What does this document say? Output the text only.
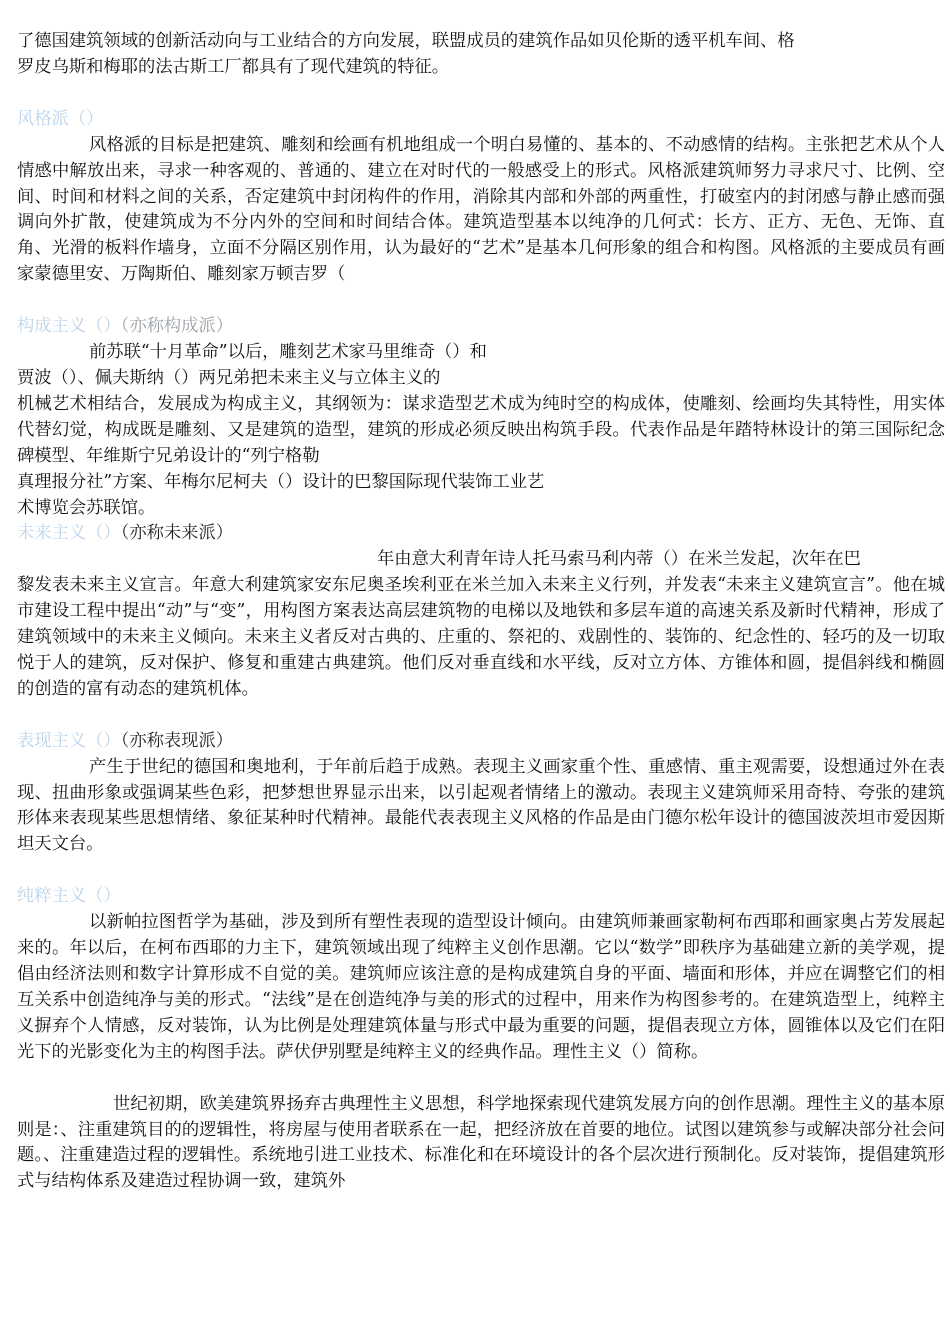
了德国建筑领域的创新活动向与工业结合的方向发展，联盟成员的建筑作品如贝伦斯的透平机车间、格
罗皮乌斯和梅耶的法古斯工厂都具有了现代建筑的特征。

风格派（）

风格派的目标是把建筑、雕刻和绘画有机地组成一个明白易懂的、基本的、不动感情的结构。主张把艺术从个人情感中解放出来，寻求一种客观的、普通的、建立在对时代的一般感受上的形式。风格派建筑师努力寻求尺寸、比例、空间、时间和材料之间的关系，否定建筑中封闭构件的作用，消除其内部和外部的两重性，打破室内的封闭感与静止感而强调向外扩散，使建筑成为不分内外的空间和时间结合体。建筑造型基本以纯净的几何式：长方、正方、无色、无饰、直角、光滑的板料作墙身，立面不分隔区别作用，认为最好的“艺术”是基本几何形象的组合和构图。风格派的主要成员有画家蒙德里安、万陶斯伯、雕刻家万顿吉罗（

构成主义（）（亦称构成派）

前苏联“十月革命”以后，雕刻艺术家马里维奇（）和
贾波（）、佩夫斯纳（）两兄弟把未来主义与立体主义的
机械艺术相结合，发展成为构成主义，其纲领为：谋求造型艺术成为纯时空的构成体，使雕刻、绘画均失其特性，用实体代替幻觉，构成既是雕刻、又是建筑的造型，建筑的形成必须反映出构筑手段。代表作品是年踏特林设计的第三国际纪念碑模型、年维斯宁兄弟设计的“列宁格勒
真理报分社”方案、年梅尔尼柯夫（）设计的巴黎国际现代装饰工业艺
术博览会苏联馆。

未来主义（）（亦称未来派）

年由意大利青年诗人托马索马利内蒂（）在米兰发起，次年在巴
黎发表未来主义宣言。年意大利建筑家安东尼奥圣埃利亚在米兰加入未来主义行列，并发表“未来主义建筑宣言”。他在城市建设工程中提出“动”与“变”，用构图方案表达高层建筑物的电梯以及地铁和多层车道的高速关系及新时代精神，形成了建筑领域中的未来主义倾向。未来主义者反对古典的、庄重的、祭祀的、戏剧性的、装饰的、纪念性的、轻巧的及一切取悦于人的建筑，反对保护、修复和重建古典建筑。他们反对垂直线和水平线，反对立方体、方锥体和圆，提倡斜线和椭圆的创造的富有动态的建筑机体。

表现主义（）（亦称表现派）

产生于世纪的德国和奥地利，于年前后趋于成熟。表现主义画家重个性、重感情、重主观需要，设想通过外在表现、扭曲形象或强调某些色彩，把梦想世界显示出来，以引起观者情绪上的激动。表现主义建筑师采用奇特、夸张的建筑形体来表现某些思想情绪、象征某种时代精神。最能代表表现主义风格的作品是由门德尔松年设计的德国波茨坦市爱因斯坦天文台。

纯粹主义（）

以新帕拉图哲学为基础，涉及到所有塑性表现的造型设计倾向。由建筑师兼画家勒柯布西耶和画家奥占芳发展起来的。年以后，在柯布西耶的力主下，建筑领域出现了纯粹主义创作思潮。它以“数学”即秩序为基础建立新的美学观，提倡由经济法则和数字计算形成不自觉的美。建筑师应该注意的是构成建筑自身的平面、墙面和形体，并应在调整它们的相互关系中创造纯净与美的形式。“法线”是在创造纯净与美的形式的过程中，用来作为构图参考的。在建筑造型上，纯粹主义摒弃个人情感，反对装饰，认为比例是处理建筑体量与形式中最为重要的问题，提倡表现立方体，圆锥体以及它们在阳光下的光影变化为主的构图手法。萨伏伊别墅是纯粹主义的经典作品。理性主义（）简称。

世纪初期，欧美建筑界扬弃古典理性主义思想，科学地探索现代建筑发展方向的创作思潮。理性主义的基本原则是：、注重建筑目的的逻辑性，将房屋与使用者联系在一起，把经济放在首要的地位。试图以建筑参与或解决部分社会问题。、注重建造过程的逻辑性。系统地引进工业技术、标准化和在环境设计的各个层次进行预制化。反对装饰，提倡建筑形式与结构体系及建造过程协调一致，建筑外
